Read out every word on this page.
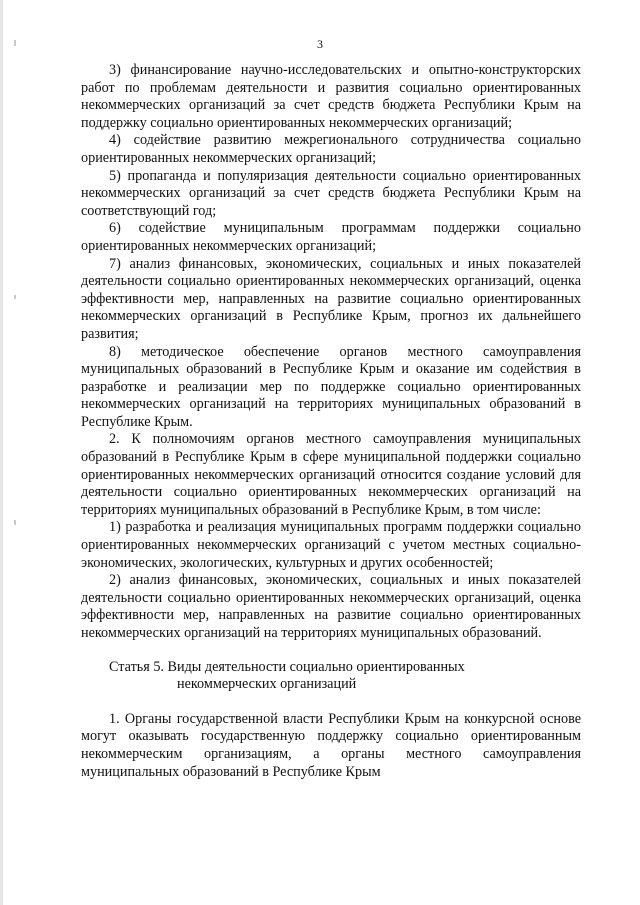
3

3) финансирование научно-исследовательских и опытно-конструкторских работ по проблемам деятельности и развития социально ориентированных некоммерческих организаций за счет средств бюджета Республики Крым на поддержку социально ориентированных некоммерческих организаций;

4) содействие развитию межрегионального сотрудничества социально ориентированных некоммерческих организаций;

5) пропаганда и популяризация деятельности социально ориентированных некоммерческих организаций за счет средств бюджета Республики Крым на соответствующий год;

6) содействие муниципальным программам поддержки социально ориентированных некоммерческих организаций;

7) анализ финансовых, экономических, социальных и иных показателей деятельности социально ориентированных некоммерческих организаций, оценка эффективности мер, направленных на развитие социально ориентированных некоммерческих организаций в Республике Крым, прогноз их дальнейшего развития;

8) методическое обеспечение органов местного самоуправления муниципальных образований в Республике Крым и оказание им содействия в разработке и реализации мер по поддержке социально ориентированных некоммерческих организаций на территориях муниципальных образований в Республике Крым.

2. К полномочиям органов местного самоуправления муниципальных образований в Республике Крым в сфере муниципальной поддержки социально ориентированных некоммерческих организаций относится создание условий для деятельности социально ориентированных некоммерческих организаций на территориях муниципальных образований в Республике Крым, в том числе:

1) разработка и реализация муниципальных программ поддержки социально ориентированных некоммерческих организаций с учетом местных социально-экономических, экологических, культурных и других особенностей;

2) анализ финансовых, экономических, социальных и иных показателей деятельности социально ориентированных некоммерческих организаций, оценка эффективности мер, направленных на развитие социально ориентированных некоммерческих организаций на территориях муниципальных образований.

Статья 5. Виды деятельности социально ориентированных
некоммерческих организаций

1. Органы государственной власти Республики Крым на конкурсной основе могут оказывать государственную поддержку социально ориентированным некоммерческим организациям, а органы местного самоуправления муниципальных образований в Республике Крым
